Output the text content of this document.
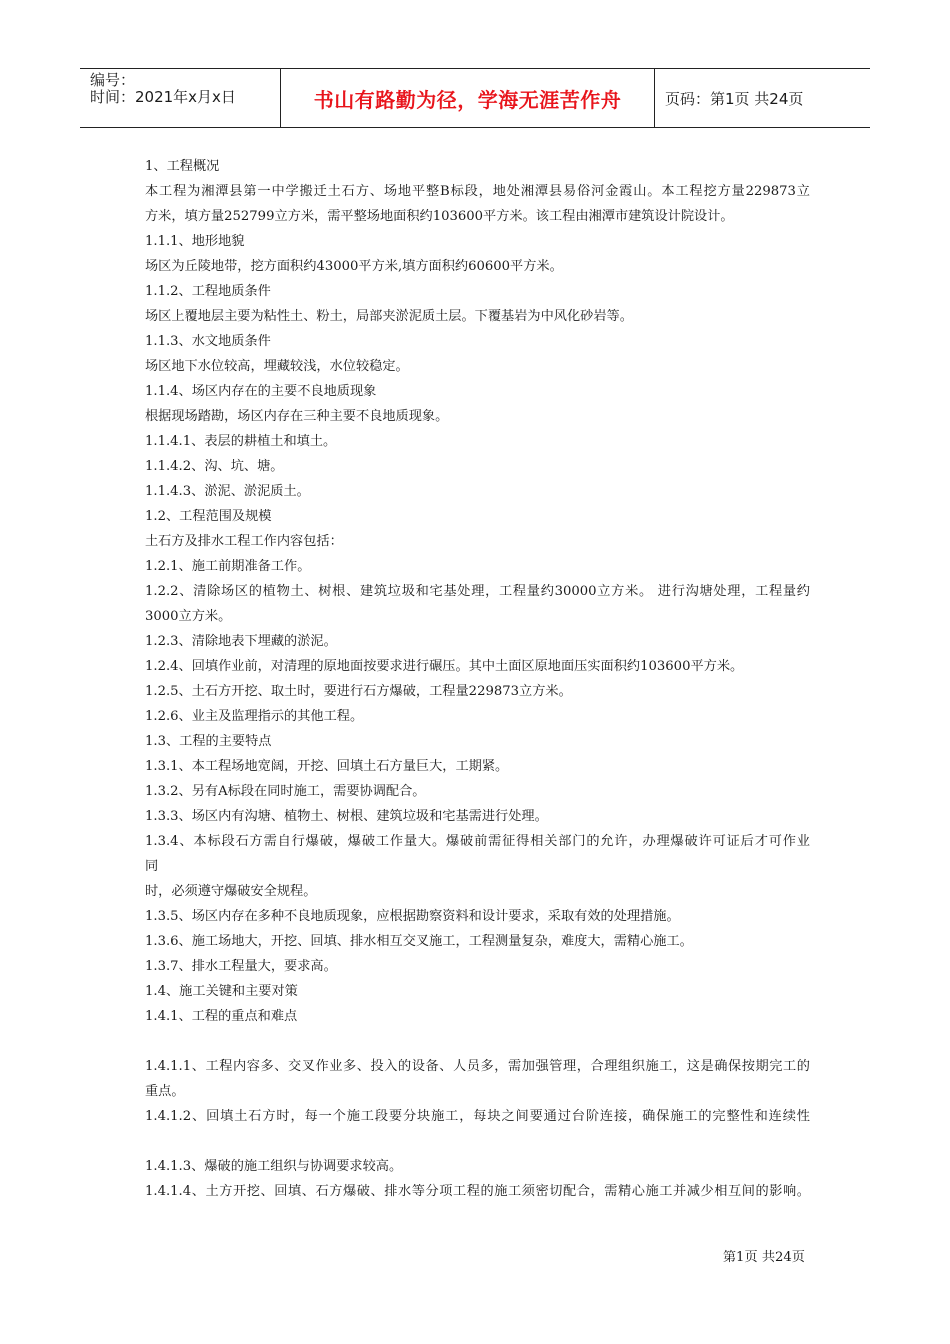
编号：
时间：2021年x月x日	书山有路勤为径，学海无涯苦作舟	页码：第1页 共24页
1、工程概况
本工程为湘潭县第一中学搬迁土石方、场地平整B标段，地处湘潭县易俗河金霞山。本工程挖方量229873立
方米，填方量252799立方米，需平整场地面积约103600平方米。该工程由湘潭市建筑设计院设计。
1.1.1、地形地貌
场区为丘陵地带，挖方面积约43000平方米,填方面积约60600平方米。
1.1.2、工程地质条件
场区上覆地层主要为粘性土、粉土，局部夹淤泥质土层。下覆基岩为中风化砂岩等。
1.1.3、水文地质条件
场区地下水位较高，埋藏较浅，水位较稳定。
1.1.4、场区内存在的主要不良地质现象
根据现场踏勘，场区内存在三种主要不良地质现象。
1.1.4.1、表层的耕植土和填土。
1.1.4.2、沟、坑、塘。
1.1.4.3、淤泥、淤泥质土。
1.2、工程范围及规模
土石方及排水工程工作内容包括：
1.2.1、施工前期准备工作。
1.2.2、清除场区的植物土、树根、建筑垃圾和宅基处理，工程量约30000立方米。 进行沟塘处理，工程量约
3000立方米。
1.2.3、清除地表下埋藏的淤泥。
1.2.4、回填作业前，对清理的原地面按要求进行碾压。其中土面区原地面压实面积约103600平方米。
1.2.5、土石方开挖、取土时，要进行石方爆破，工程量229873立方米。
1.2.6、业主及监理指示的其他工程。
1.3、工程的主要特点
1.3.1、本工程场地宽阔，开挖、回填土石方量巨大，工期紧。
1.3.2、另有A标段在同时施工，需要协调配合。
1.3.3、场区内有沟塘、植物土、树根、建筑垃圾和宅基需进行处理。
1.3.4、本标段石方需自行爆破，爆破工作量大。爆破前需征得相关部门的允许，办理爆破许可证后才可作业
同
时，必须遵守爆破安全规程。
1.3.5、场区内存在多种不良地质现象，应根据勘察资料和设计要求，采取有效的处理措施。
1.3.6、施工场地大，开挖、回填、排水相互交叉施工，工程测量复杂，难度大，需精心施工。
1.3.7、排水工程量大，要求高。
1.4、施工关键和主要对策
1.4.1、工程的重点和难点
1.4.1.1、工程内容多、交叉作业多、投入的设备、人员多，需加强管理，合理组织施工，这是确保按期完工的
重点。
1.4.1.2、回填土石方时，每一个施工段要分块施工，每块之间要通过台阶连接，确保施工的完整性和连续性
1.4.1.3、爆破的施工组织与协调要求较高。
1.4.1.4、土方开挖、回填、石方爆破、排水等分项工程的施工须密切配合，需精心施工并减少相互间的影响。
第1页 共24页
